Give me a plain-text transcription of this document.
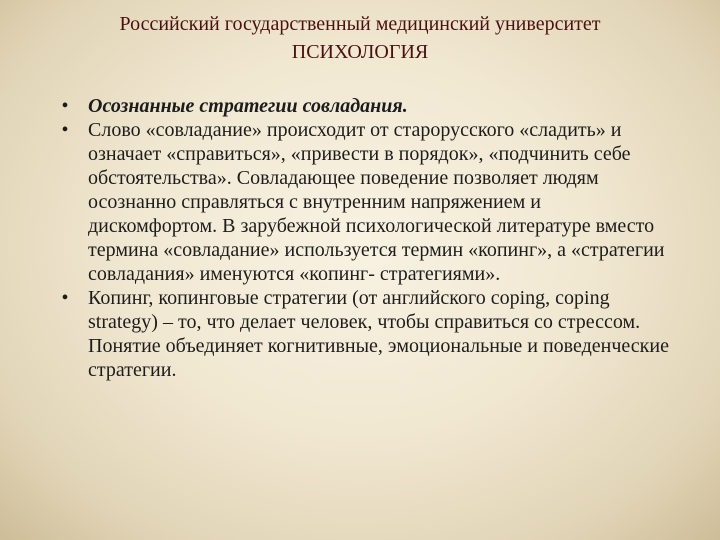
Российский государственный медицинский университет
ПСИХОЛОГИЯ
• Осознанные стратегии совладания.
• Слово «совладание» происходит от старорусского «сладить» и означает «справиться», «привести в порядок», «подчинить себе обстоятельства». Совладающее поведение позволяет людям осознанно справляться с внутренним напряжением и дискомфортом. В зарубежной психологической литературе вместо термина «совладание» используется термин «копинг», а «стратегии совладания» именуются «копинг- стратегиями».
• Копинг, копинговые стратегии (от английского coping, coping strategy) – то, что делает человек, чтобы справиться со стрессом. Понятие объединяет когнитивные, эмоциональные и поведенческие стратегии.
